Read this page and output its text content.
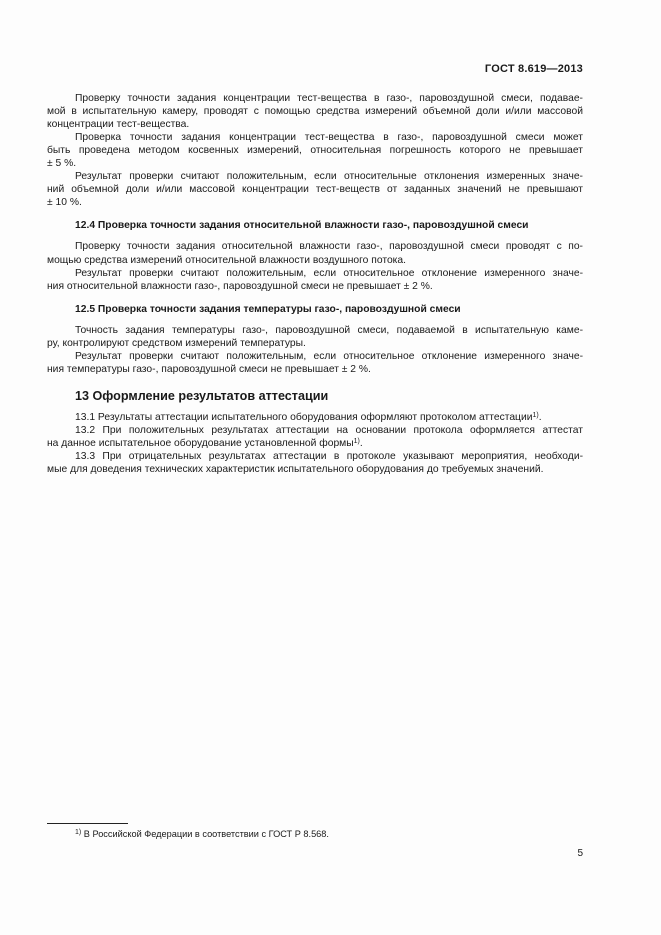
ГОСТ 8.619—2013
Проверку точности задания концентрации тест-вещества в газо-, паровоздушной смеси, подавае-
мой в испытательную камеру, проводят с помощью средства измерений объемной доли и/или массовой
концентрации тест-вещества.
Проверка точности задания концентрации тест-вещества в газо-, паровоздушной смеси может
быть проведена методом косвенных измерений, относительная погрешность которого не превышает
± 5 %.
Результат проверки считают положительным, если относительные отклонения измеренных значе-
ний объемной доли и/или массовой концентрации тест-веществ от заданных значений не превышают
± 10 %.
12.4 Проверка точности задания относительной влажности газо-, паровоздушной смеси
Проверку точности задания относительной влажности газо-, паровоздушной смеси проводят с по-
мощью средства измерений относительной влажности воздушного потока.
Результат проверки считают положительным, если относительное отклонение измеренного значе-
ния относительной влажности газо-, паровоздушной смеси не превышает ± 2 %.
12.5 Проверка точности задания температуры газо-, паровоздушной смеси
Точность задания температуры газо-, паровоздушной смеси, подаваемой в испытательную каме-
ру, контролируют средством измерений температуры.
Результат проверки считают положительным, если относительное отклонение измеренного значе-
ния температуры газо-, паровоздушной смеси не превышает ± 2 %.
13 Оформление результатов аттестации
13.1 Результаты аттестации испытательного оборудования оформляют протоколом аттестации$^{1)}$.
13.2 При положительных результатах аттестации на основании протокола оформляется аттестат
на данное испытательное оборудование установленной формы$^{1)}$.
13.3 При отрицательных результатах аттестации в протоколе указывают мероприятия, необходи-
мые для доведения технических характеристик испытательного оборудования до требуемых значений.
$^{1)}$ В Российской Федерации в соответствии с ГОСТ Р 8.568.
5
